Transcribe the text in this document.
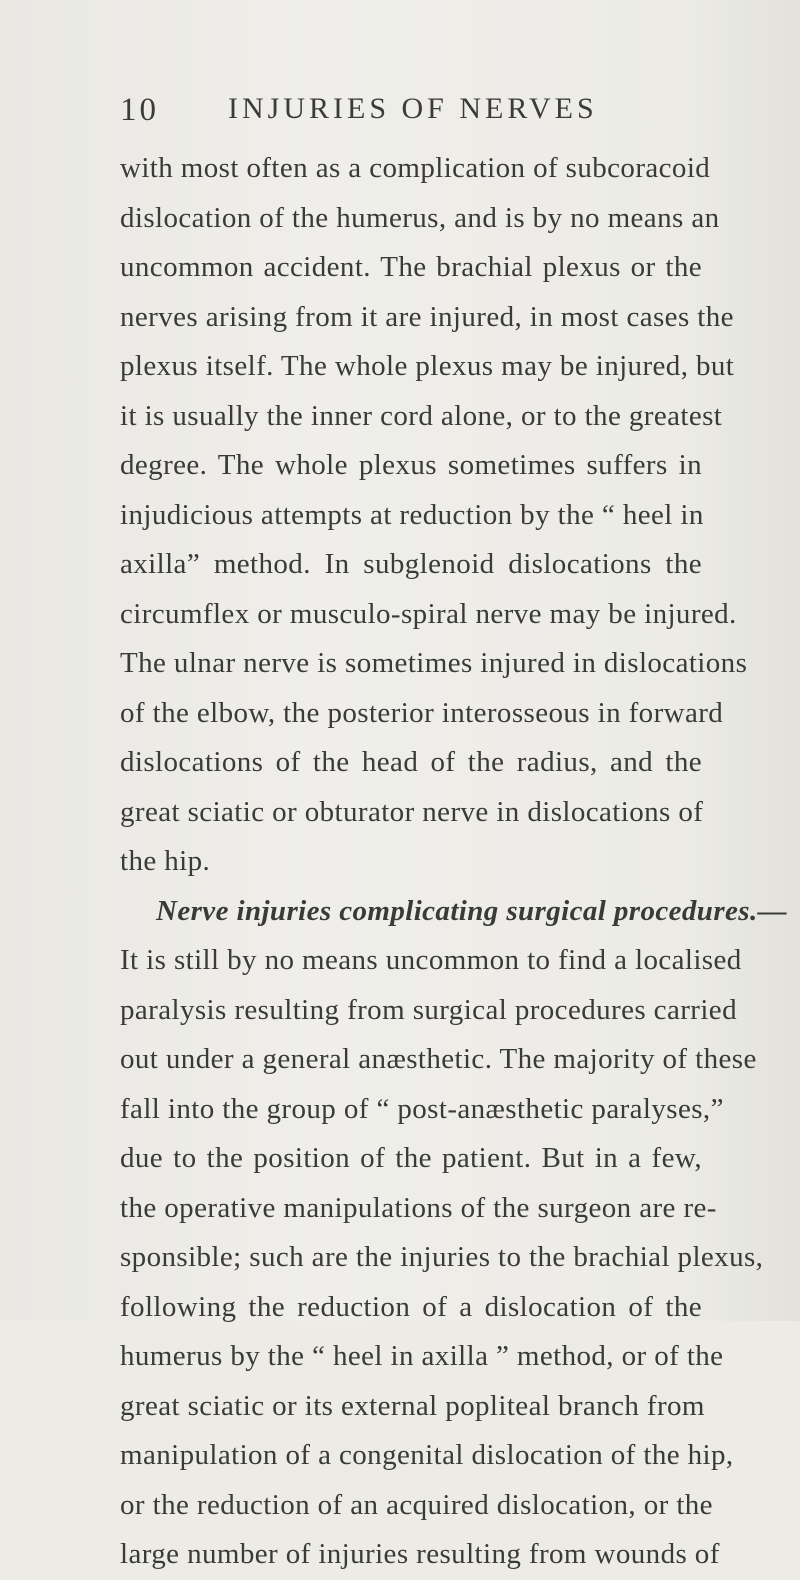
10 INJURIES OF NERVES
with most often as a complication of subcoracoid
dislocation of the humerus, and is by no means an
uncommon accident. The brachial plexus or the
nerves arising from it are injured, in most cases the
plexus itself. The whole plexus may be injured, but
it is usually the inner cord alone, or to the greatest
degree. The whole plexus sometimes suffers in
injudicious attempts at reduction by the “ heel in
axilla” method. In subglenoid dislocations the
circumflex or musculo-spiral nerve may be injured.
The ulnar nerve is sometimes injured in dislocations
of the elbow, the posterior interosseous in forward
dislocations of the head of the radius, and the
great sciatic or obturator nerve in dislocations of
the hip.
Nerve injuries complicating surgical procedures.—
It is still by no means uncommon to find a localised
paralysis resulting from surgical procedures carried
out under a general anæsthetic. The majority of these
fall into the group of “ post-anæsthetic paralyses,”
due to the position of the patient. But in a few,
the operative manipulations of the surgeon are re-
sponsible; such are the injuries to the brachial plexus,
following the reduction of a dislocation of the
humerus by the “ heel in axilla ” method, or of the
great sciatic or its external popliteal branch from
manipulation of a congenital dislocation of the hip,
or the reduction of an acquired dislocation, or the
large number of injuries resulting from wounds of
